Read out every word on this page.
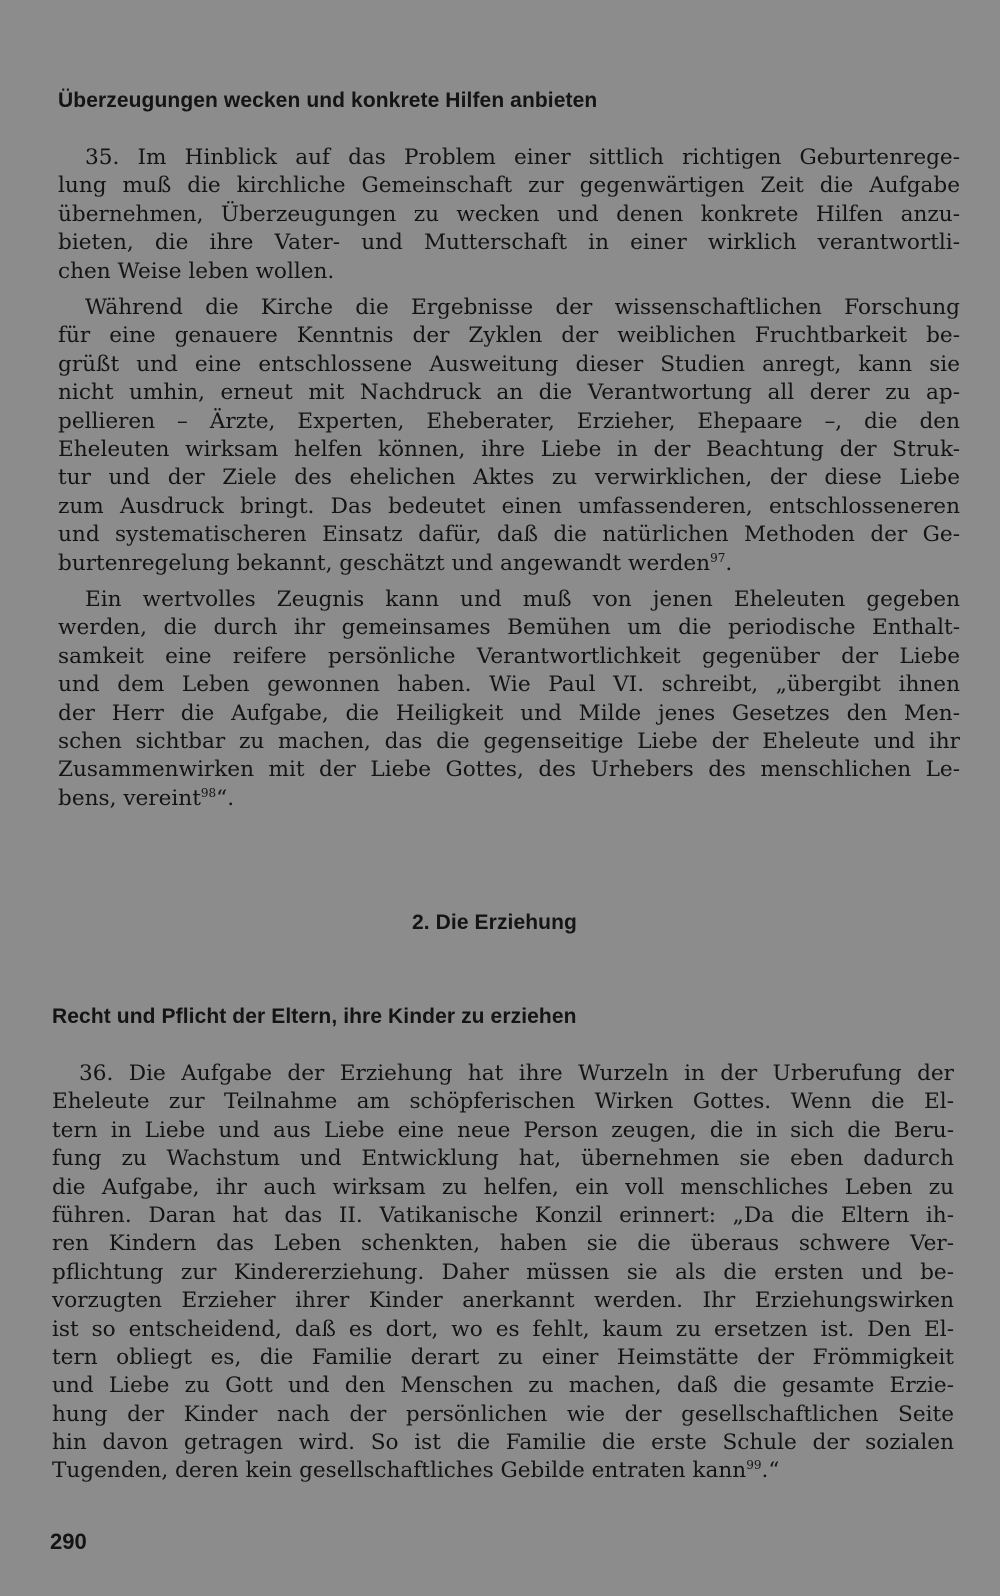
Überzeugungen wecken und konkrete Hilfen anbieten
35. Im Hinblick auf das Problem einer sittlich richtigen Geburtenrege-
lung muß die kirchliche Gemeinschaft zur gegenwärtigen Zeit die Aufgabe
übernehmen, Überzeugungen zu wecken und denen konkrete Hilfen anzu-
bieten, die ihre Vater- und Mutterschaft in einer wirklich verantwortli-
chen Weise leben wollen.
Während die Kirche die Ergebnisse der wissenschaftlichen Forschung
für eine genauere Kenntnis der Zyklen der weiblichen Fruchtbarkeit be-
grüßt und eine entschlossene Ausweitung dieser Studien anregt, kann sie
nicht umhin, erneut mit Nachdruck an die Verantwortung all derer zu ap-
pellieren – Ärzte, Experten, Eheberater, Erzieher, Ehepaare –, die den
Eheleuten wirksam helfen können, ihre Liebe in der Beachtung der Struk-
tur und der Ziele des ehelichen Aktes zu verwirklichen, der diese Liebe
zum Ausdruck bringt. Das bedeutet einen umfassenderen, entschlosseneren
und systematischeren Einsatz dafür, daß die natürlichen Methoden der Ge-
burtenregelung bekannt, geschätzt und angewandt werden$^{97}$.
Ein wertvolles Zeugnis kann und muß von jenen Eheleuten gegeben
werden, die durch ihr gemeinsames Bemühen um die periodische Enthalt-
samkeit eine reifere persönliche Verantwortlichkeit gegenüber der Liebe
und dem Leben gewonnen haben. Wie Paul VI. schreibt, „übergibt ihnen
der Herr die Aufgabe, die Heiligkeit und Milde jenes Gesetzes den Men-
schen sichtbar zu machen, das die gegenseitige Liebe der Eheleute und ihr
Zusammenwirken mit der Liebe Gottes, des Urhebers des menschlichen Le-
bens, vereint$^{98}$“.
2. Die Erziehung
Recht und Pflicht der Eltern, ihre Kinder zu erziehen
36. Die Aufgabe der Erziehung hat ihre Wurzeln in der Urberufung der
Eheleute zur Teilnahme am schöpferischen Wirken Gottes. Wenn die El-
tern in Liebe und aus Liebe eine neue Person zeugen, die in sich die Beru-
fung zu Wachstum und Entwicklung hat, übernehmen sie eben dadurch
die Aufgabe, ihr auch wirksam zu helfen, ein voll menschliches Leben zu
führen. Daran hat das II. Vatikanische Konzil erinnert: „Da die Eltern ih-
ren Kindern das Leben schenkten, haben sie die überaus schwere Ver-
pflichtung zur Kindererziehung. Daher müssen sie als die ersten und be-
vorzugten Erzieher ihrer Kinder anerkannt werden. Ihr Erziehungswirken
ist so entscheidend, daß es dort, wo es fehlt, kaum zu ersetzen ist. Den El-
tern obliegt es, die Familie derart zu einer Heimstätte der Frömmigkeit
und Liebe zu Gott und den Menschen zu machen, daß die gesamte Erzie-
hung der Kinder nach der persönlichen wie der gesellschaftlichen Seite
hin davon getragen wird. So ist die Familie die erste Schule der sozialen
Tugenden, deren kein gesellschaftliches Gebilde entraten kann$^{99}$.“
290
